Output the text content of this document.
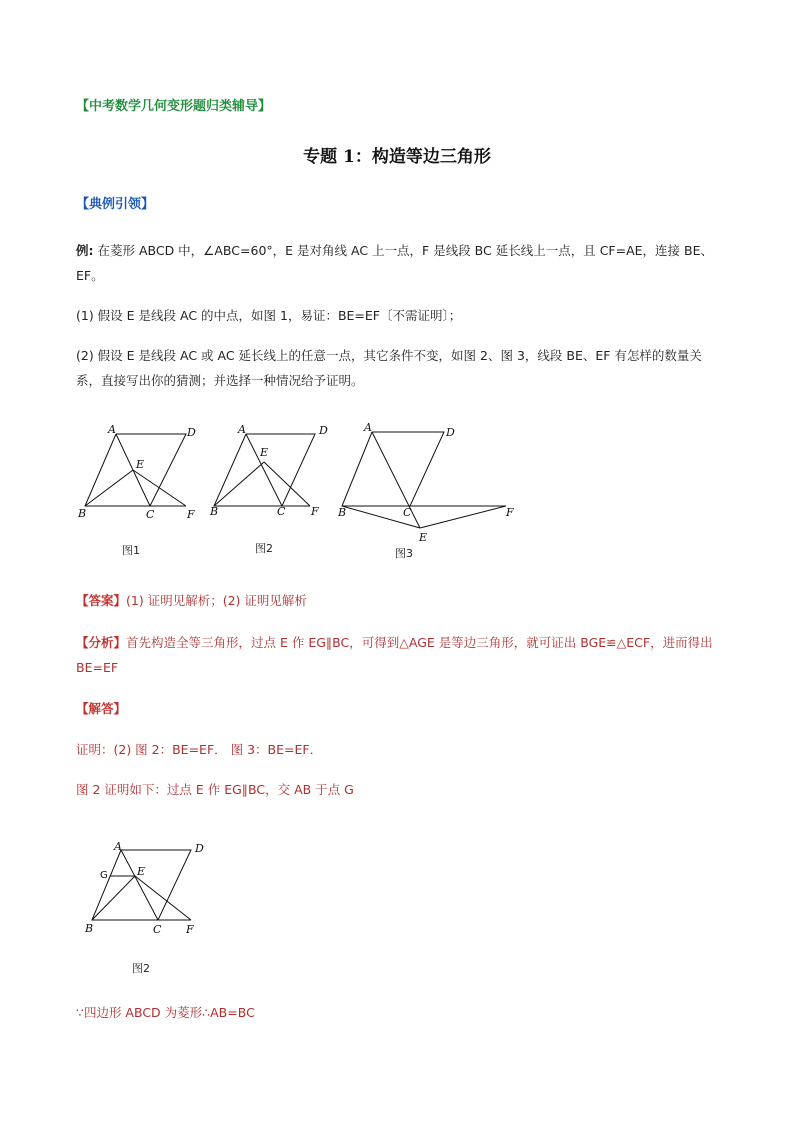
【中考数学几何变形题归类辅导】
专题 1：构造等边三角形
【典例引领】
例: 在菱形 ABCD 中，∠ABC=60°，E 是对角线 AC 上一点，F 是线段 BC 延长线上一点，且 CF=AE，连接 BE、EF。
(1) 假设 E 是线段 AC 的中点，如图 1，易证：BE=EF〔不需证明〕；
(2) 假设 E 是线段 AC 或 AC 延长线上的任意一点，其它条件不变，如图 2、图 3，线段 BE、EF 有怎样的数量关系，直接写出你的猜测；并选择一种情况给予证明。
A	D
E
B	C	F
A	D
E
B	C F
A	D
B	C	F
E
图1	图2	图3
【答案】(1) 证明见解析；(2) 证明见解析
【分析】首先构造全等三角形，过点 E 作 EG∥BC，可得到△AGE 是等边三角形，就可证出 BGE≌△ECF，进而得出 BE=EF
【解答】
证明：(2) 图 2：BE=EF． 图 3：BE=EF．
图 2 证明如下：过点 E 作 EG∥BC，交 AB 于点 G
A	D
G	E
B	C F
图2
∵四边形 ABCD 为菱形∴AB=BC
